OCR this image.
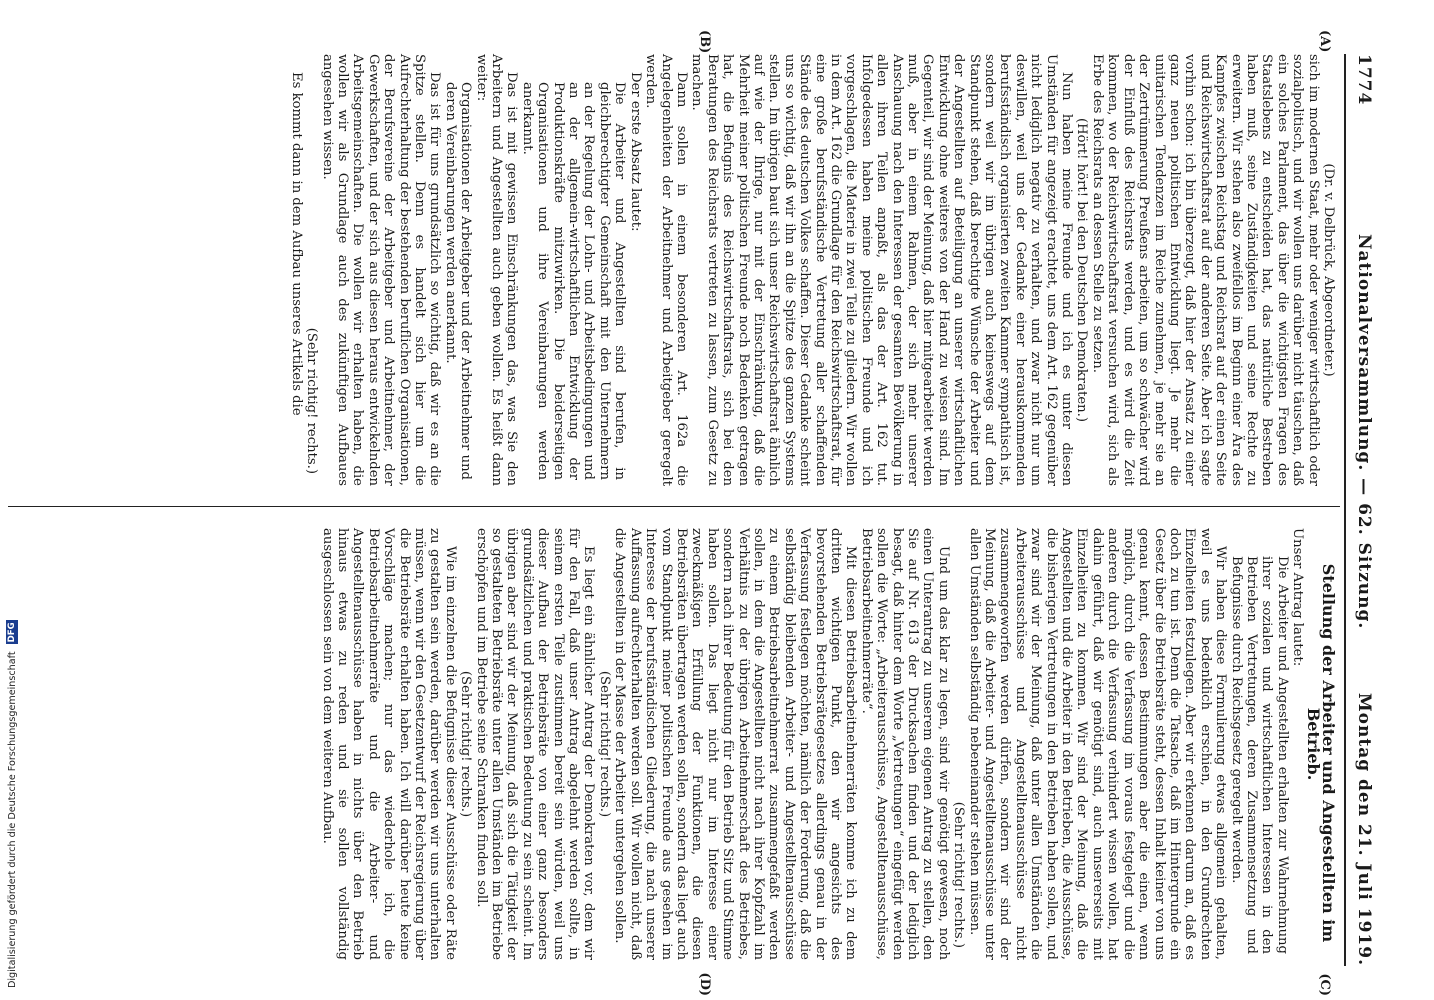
1774
Nationalversammlung. — 62. Sitzung.
Montag den 21. Juli 1919.
(A)
(B)
(C)
(D)

(Dr. v. Delbrück, Abgeordneter.)

sich im modernen Staat, mehr oder weniger wirtschaftlich oder sozialpolitisch, und wir wollen uns darüber nicht täuschen, daß ein solches Parlament, das über die wichtigsten Fragen des Staatslebens zu entscheiden hat, das natürliche Bestreben haben muß, seine Zuständigkeiten und seine Rechte zu erweitern. Wir stehen also zweifellos im Beginn einer Ära des Kampfes zwischen Reichstag und Reichsrat auf der einen Seite und Reichswirtschaftsrat auf der anderen Seite. Aber ich sagte vorhin schon: ich bin überzeugt, daß hier der Ansatz zu einer ganz neuen politischen Entwicklung liegt. Je mehr die unitarischen Tendenzen im Reiche zunehmen, je mehr sie an der Zertrümmerung Preußens arbeiten, um so schwächer wird der Einfluß des Reichsrats werden, und es wird die Zeit kommen, wo der Reichswirtschaftsrat versuchen wird, sich als Erbe des Reichsrats an dessen Stelle zu setzen.

(Hört! hört! bei den Deutschen Demokraten.)

Nun haben meine Freunde und ich es unter diesen Umständen für angezeigt erachtet, uns dem Art. 162 gegenüber nicht lediglich negativ zu verhalten, und zwar nicht nur um deswillen, weil uns der Gedanke einer herauskommenden berufsständisch organisierten zweiten Kammer sympathisch ist, sondern weil wir im übrigen auch keineswegs auf dem Standpunkt stehen, daß berechtigte Wünsche der Arbeiter und der Angestellten auf Beteiligung an unserer wirtschaftlichen Entwicklung ohne weiteres von der Hand zu weisen sind. Im Gegenteil, wir sind der Meinung, daß hier mitgearbeitet werden muß, aber in einem Rahmen, der sich mehr unserer Anschauung nach den Interessen der gesamten Bevölkerung in allen ihren Teilen anpaßt, als das der Art. 162 tut. Infolgedessen haben meine politischen Freunde und ich vorgeschlagen, die Materie in zwei Teile zu gliedern. Wir wollen in dem Art. 162 die Grundlage für den Reichswirtschaftsrat, für eine große berufsständische Vertretung aller schaffenden Stände des deutschen Volkes schaffen. Dieser Gedanke scheint uns so wichtig, daß wir ihn an die Spitze des ganzen Systems stellen. Im übrigen baut sich unser Reichswirtschaftsrat ähnlich auf wie der Ihrige, nur mit der Einschränkung, daß die Mehrheit meiner politischen Freunde noch Bedenken getragen hat, die Befugnis des Reichswirtschaftsrats, sich bei den Beratungen des Reichsrats vertreten zu lassen, zum Gesetz zu machen.

Dann sollen in einem besonderen Art. 162a die Angelegenheiten der Arbeitnehmer und Arbeitgeber geregelt werden.

Der erste Absatz lautet:

Die Arbeiter und Angestellten sind berufen, in gleichberechtigter Gemeinschaft mit den Unternehmern an der Regelung der Lohn- und Arbeitsbedingungen und an der allgemein-wirtschaftlichen Entwicklung der Produktionskräfte mitzuwirken. Die beiderseitigen Organisationen und ihre Vereinbarungen werden anerkannt.

Das ist mit gewissen Einschränkungen das, was Sie den Arbeitern und Angestellten auch geben wollen. Es heißt dann weiter:

Organisationen der Arbeitgeber und der Arbeitnehmer und deren Vereinbarungen werden anerkannt.

Das ist für uns grundsätzlich so wichtig, daß wir es an die Spitze stellen. Denn es handelt sich hier um die Aufrechterhaltung der bestehenden beruflichen Organisationen, der Berufsvereine der Arbeitgeber und Arbeitnehmer, der Gewerkschaften, und der sich aus diesen heraus entwickelnden Arbeitsgemeinschaften. Die wollen wir erhalten haben, die wollen wir als Grundlage auch des zukünftigen Aufbaues angesehen wissen.

(Sehr richtig! rechts.)

Es kommt dann in dem Aufbau unseres Artikels die

Stellung der Arbeiter und Angestellten im Betrieb.

Unser Antrag lautet:

Die Arbeiter und Angestellten erhalten zur Wahrnehmung ihrer sozialen und wirtschaftlichen Interessen in den Betrieben Vertretungen, deren Zusammensetzung und Befugnisse durch Reichsgesetz geregelt werden.

Wir haben diese Formulierung etwas allgemein gehalten, weil es uns bedenklich erschien, in den Grundrechten Einzelheiten festzulegen. Aber wir erkennen darum an, daß es doch zu tun ist. Denn die Tatsache, daß im Hintergrunde ein Gesetz über die Betriebsräte steht, dessen Inhalt keiner von uns genau kennt, dessen Bestimmungen aber die einen, wenn möglich, durch die Verfassung im voraus festgelegt und die anderen durch die Verfassung verhindert wissen wollen, hat dahin geführt, daß wir genötigt sind, auch unsererseits mit Einzelheiten zu kommen. Wir sind der Meinung, daß die Angestellten und die Arbeiter in den Betrieben, die Ausschüsse, die bisherigen Vertretungen in den Betrieben haben sollen, und zwar sind wir der Meinung, daß unter allen Umständen die Arbeiterausschüsse und Angestelltenausschüsse nicht zusammengeworfen werden dürfen, sondern wir sind der Meinung, daß die Arbeiter- und Angestelltenausschüsse unter allen Umständen selbständig nebeneinander stehen müssen.

(Sehr richtig! rechts.)

Und um das klar zu legen, sind wir genötigt gewesen, noch einen Unterantrag zu unserem eigenen Antrag zu stellen, den Sie auf Nr. 613 der Drucksachen finden und der lediglich besagt, daß hinter dem Worte „Vertretungen“ eingefügt werden sollen die Worte: „Arbeiterausschüsse, Angestelltenausschüsse, Betriebsarbeitnehmerräte“.

Mit diesen Betriebsarbeitnehmerräten komme ich zu dem dritten wichtigen Punkt, den wir angesichts des bevorstehenden Betriebsrätegesetzes allerdings genau in der Verfassung festlegen möchten, nämlich der Forderung, daß die selbständig bleibenden Arbeiter- und Angestelltenausschüsse zu einem Betriebsarbeitnehmerrat zusammengefaßt werden sollen, in dem die Angestellten nicht nach ihrer Kopfzahl im Verhältnis zu der übrigen Arbeitnehmerschaft des Betriebes, sondern nach ihrer Bedeutung für den Betrieb Sitz und Stimme haben sollen. Das liegt nicht nur im Interesse einer zweckmäßigen Erfüllung der Funktionen, die diesen Betriebsräten übertragen werden sollen, sondern das liegt auch vom Standpunkt meiner politischen Freunde aus gesehen im Interesse der berufsständischen Gliederung, die nach unserer Auffassung aufrechterhalten werden soll. Wir wollen nicht, daß die Angestellten in der Masse der Arbeiter untergehen sollen.

(Sehr richtig! rechts.)

Es liegt ein ähnlicher Antrag der Demokraten vor, dem wir für den Fall, daß unser Antrag abgelehnt werden sollte, in seinem ersten Teile zustimmen bereit sein würden, weil uns dieser Aufbau der Betriebsräte von einer ganz besonders grundsätzlichen und praktischen Bedeutung zu sein scheint. Im übrigen aber sind wir der Meinung, daß sich die Tätigkeit der so gestalteten Betriebsräte unter allen Umständen im Betriebe erschöpfen und im Betriebe seine Schranken finden soll.

(Sehr richtig! rechts.)

Wie im einzelnen die Befugnisse dieser Ausschüsse oder Räte zu gestalten sein werden, darüber werden wir uns unterhalten müssen, wenn wir den Gesetzentwurf der Reichsregierung über die Betriebsräte erhalten haben. Ich will darüber heute keine Vorschläge machen; nur das wiederhole ich, die Betriebsarbeitnehmerräte und die Arbeiter- und Angestelltenausschüsse haben in nichts über den Betrieb hinaus etwas zu reden und sie sollen vollständig ausgeschlossen sein von dem weiteren Aufbau.

Digitalisierung gefördert durch die Deutsche Forschungsgemeinschaft DFG
